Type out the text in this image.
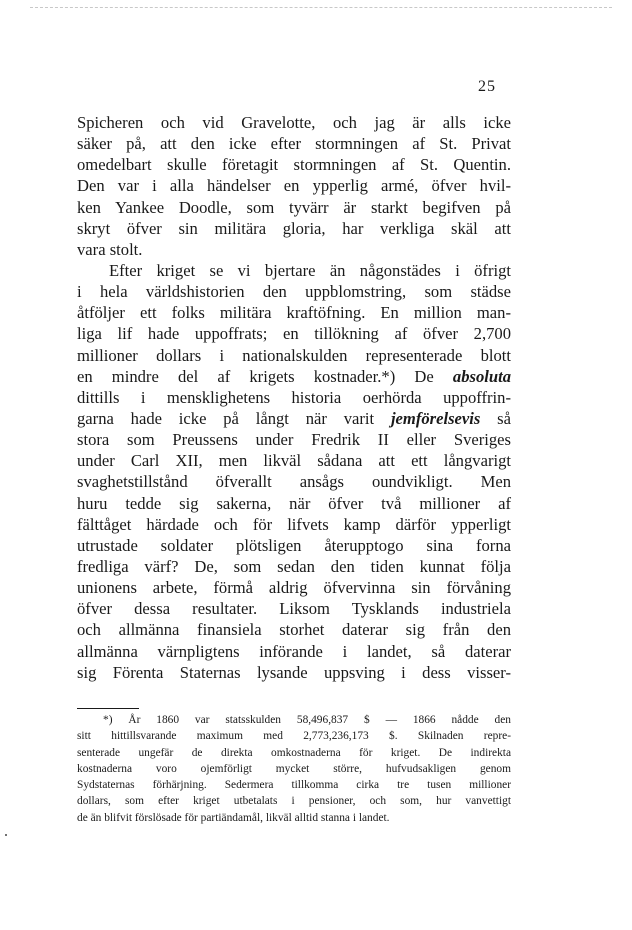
25
Spicheren och vid Gravelotte, och jag är alls icke
säker på, att den icke efter stormningen af St. Privat
omedelbart skulle företagit stormningen af St. Quentin.
Den var i alla händelser en ypperlig armé, öfver hvil-
ken Yankee Doodle, som tyvärr är starkt begifven på
skryt öfver sin militära gloria, har verkliga skäl att
vara stolt.
Efter kriget se vi bjertare än någonstädes i öfrigt
i hela världshistorien den uppblomstring, som städse
åtföljer ett folks militära kraftöfning. En million man-
liga lif hade uppoffrats; en tillökning af öfver 2,700
millioner dollars i nationalskulden representerade blott
en mindre del af krigets kostnader.*) De absoluta
dittills i mensklighetens historia oerhörda uppoffrin-
garna hade icke på långt när varit jemförelsevis så
stora som Preussens under Fredrik II eller Sveriges
under Carl XII, men likväl sådana att ett långvarigt
svaghetstillstånd öfverallt ansågs oundvikligt. Men
huru tedde sig sakerna, när öfver två millioner af
fälttåget härdade och för lifvets kamp därför ypperligt
utrustade soldater plötsligen återupptogo sina forna
fredliga värf? De, som sedan den tiden kunnat följa
unionens arbete, förmå aldrig öfvervinna sin förvåning
öfver dessa resultater. Liksom Tysklands industriela
och allmänna finansiela storhet daterar sig från den
allmänna värnpligtens införande i landet, så daterar
sig Förenta Staternas lysande uppsving i dess visser-
*) År 1860 var statsskulden 58,496,837 $ — 1866 nådde den
sitt hittillsvarande maximum med 2,773,236,173 $. Skilnaden repre-
senterade ungefär de direkta omkostnaderna för kriget. De indirekta
kostnaderna voro ojemförligt mycket större, hufvudsakligen genom
Sydstaternas förhärjning. Sedermera tillkomma cirka tre tusen millioner
dollars, som efter kriget utbetalats i pensioner, och som, hur vanvettigt
de än blifvit förslösade för partiändamål, likväl alltid stanna i landet.
